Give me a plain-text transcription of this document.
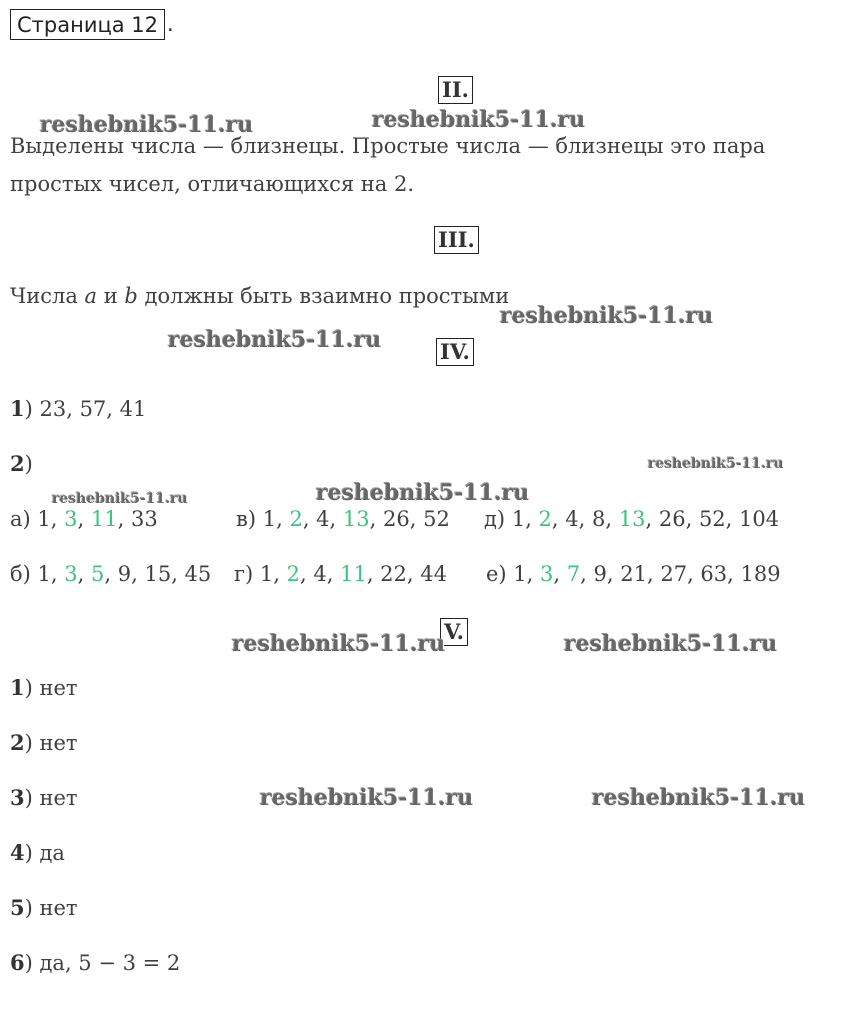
Страница 12 .
II.
Выделены числа — близнецы. Простые числа — близнецы это пара
простых чисел, отличающихся на 2.
III.
Числа a и b должны быть взаимно простыми
IV.
1) 23, 57, 41
2)
а) 1, 3, 11, 33	в) 1, 2, 4, 13, 26, 52 д) 1, 2, 4, 8, 13, 26, 52, 104
б) 1, 3, 5, 9, 15, 45 г) 1, 2, 4, 11, 22, 44 е) 1, 3, 7, 9, 21, 27, 63, 189
V.
1) нет
2) нет
3) нет
4) да
5) нет
6) да, 5 − 3 = 2
reshebnik5-11.ru	reshebnik5-11.ru
reshebnik5-11.ru
reshebnik5-11.ru
reshebnik5-11.ru
reshebnik5-11.ru
reshebnik5-11.ru
reshebnik5-11.ru	reshebnik5-11.ru
reshebnik5-11.ru	reshebnik5-11.ru
